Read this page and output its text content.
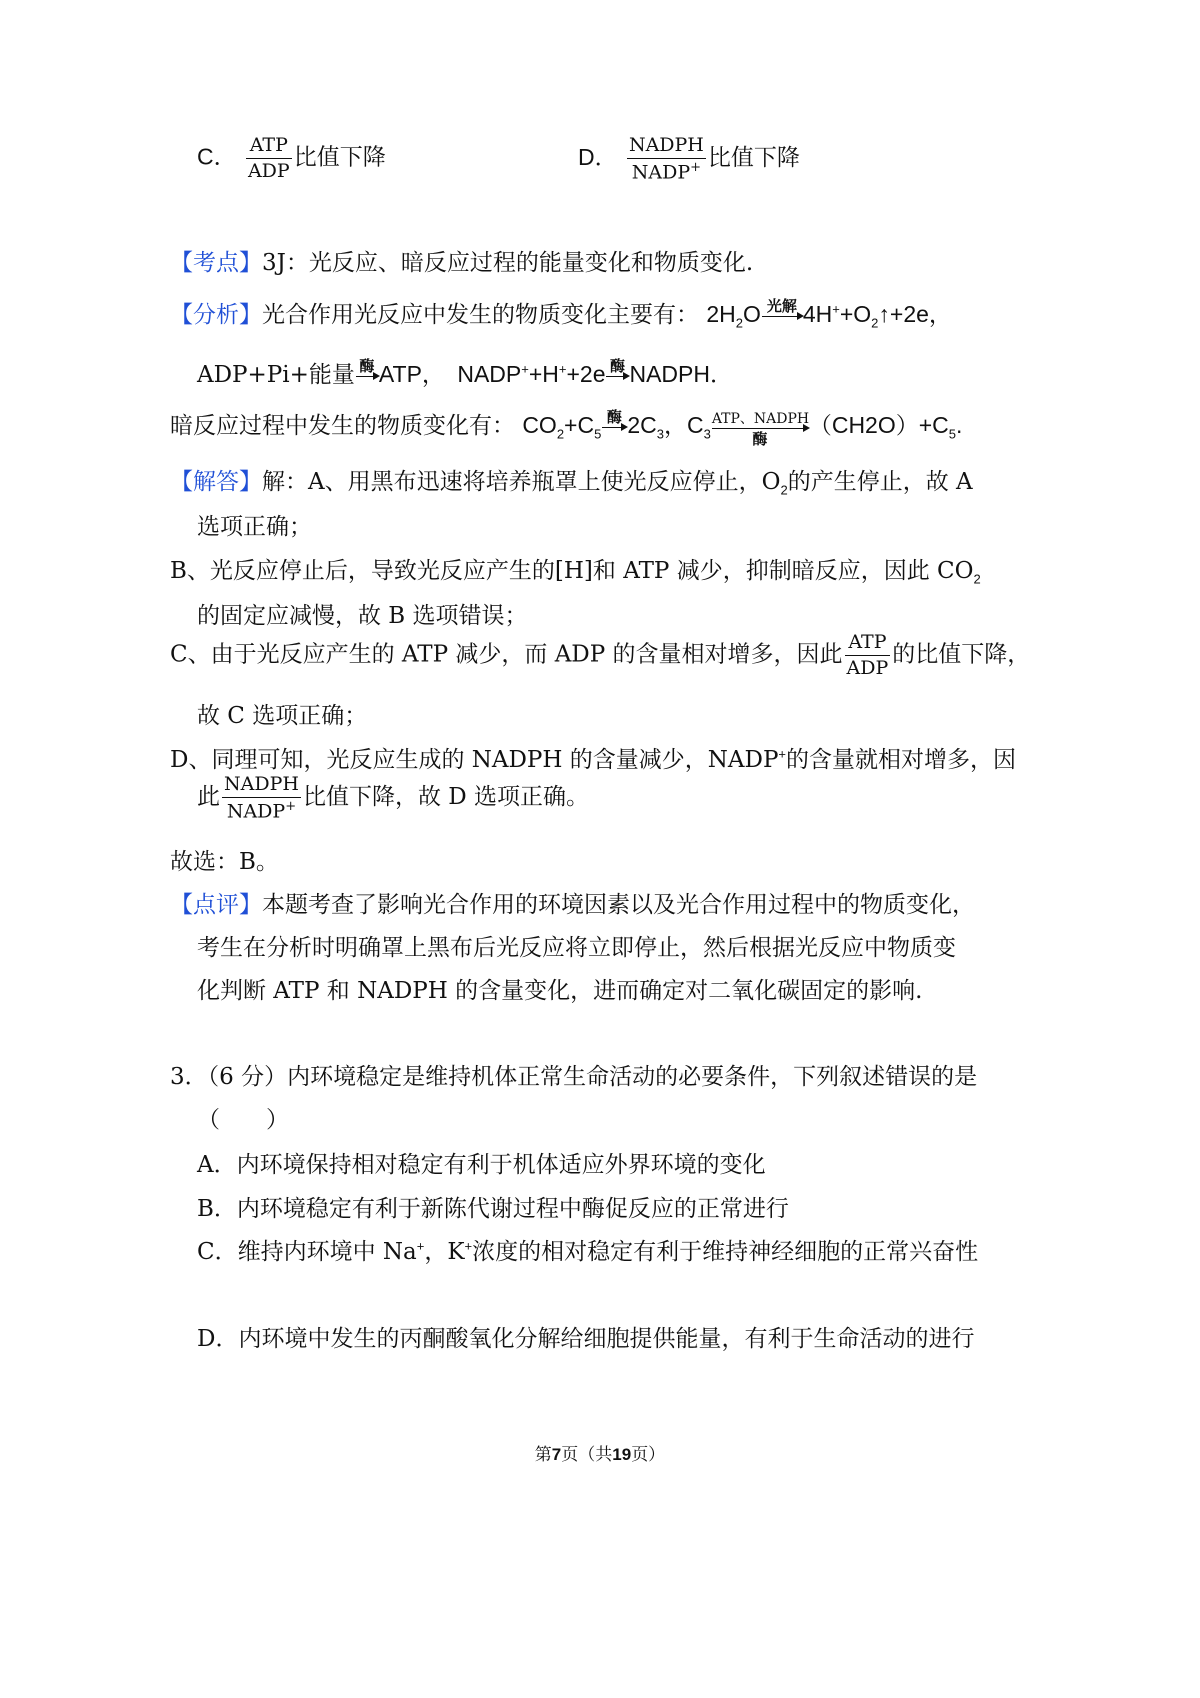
C． $\frac{\text{ATP}}{\text{ADP}}$ 比值下降	D． $\frac{\text{NADPH}}{NADP^+}$ 比值下降
【考点】3J：光反应、暗反应过程的能量变化和物质变化.
【分析】光合作用光反应中发生的物质变化主要有： $2H_2O$ 光解 $4H^++O_2↑+2e$，
ADP+Pi+能量 酶 ATP， NADP++H++2e 酶 NADPH．
暗反应过程中发生的物质变化有： $CO_2+C_5$
酶 $2C_3$，$C_3$
ATP、NADPH
酶
$(CH2O)+C_5$.
【解答】解：A、用黑布迅速将培养瓶罩上使光反应停止，$O_2$的产生停止，故 A
选项正确；
B、光反应停止后，导致光反应产生的[H]和 ATP 减少，抑制暗反应，因此 $CO_2$
的固定应减慢，故 B 选项错误；
C、由于光反应产生的 ATP 减少，而 ADP 的含量相对增多，因此 $\frac{\text{ATP}}{\text{ADP}}$ 的比值下降，
故 C 选项正确；
D、同理可知，光反应生成的 NADPH 的含量减少，NADP+的含量就相对增多，因
此 $\frac{\text{NADPH}}{NADP^+}$ 比值下降，故 D 选项正确。
故选：B。
【点评】本题考查了影响光合作用的环境因素以及光合作用过程中的物质变化，
考生在分析时明确罩上黑布后光反应将立即停止，然后根据光反应中物质变
化判断 ATP 和 NADPH 的含量变化，进而确定对二氧化碳固定的影响.
3．（6 分）内环境稳定是维持机体正常生命活动的必要条件，下列叙述错误的是
（　　）
A．内环境保持相对稳定有利于机体适应外界环境的变化
B．内环境稳定有利于新陈代谢过程中酶促反应的正常进行
C．维持内环境中 Na+，K+浓度的相对稳定有利于维持神经细胞的正常兴奋性
D．内环境中发生的丙酮酸氧化分解给细胞提供能量，有利于生命活动的进行
第7页（共19页）
